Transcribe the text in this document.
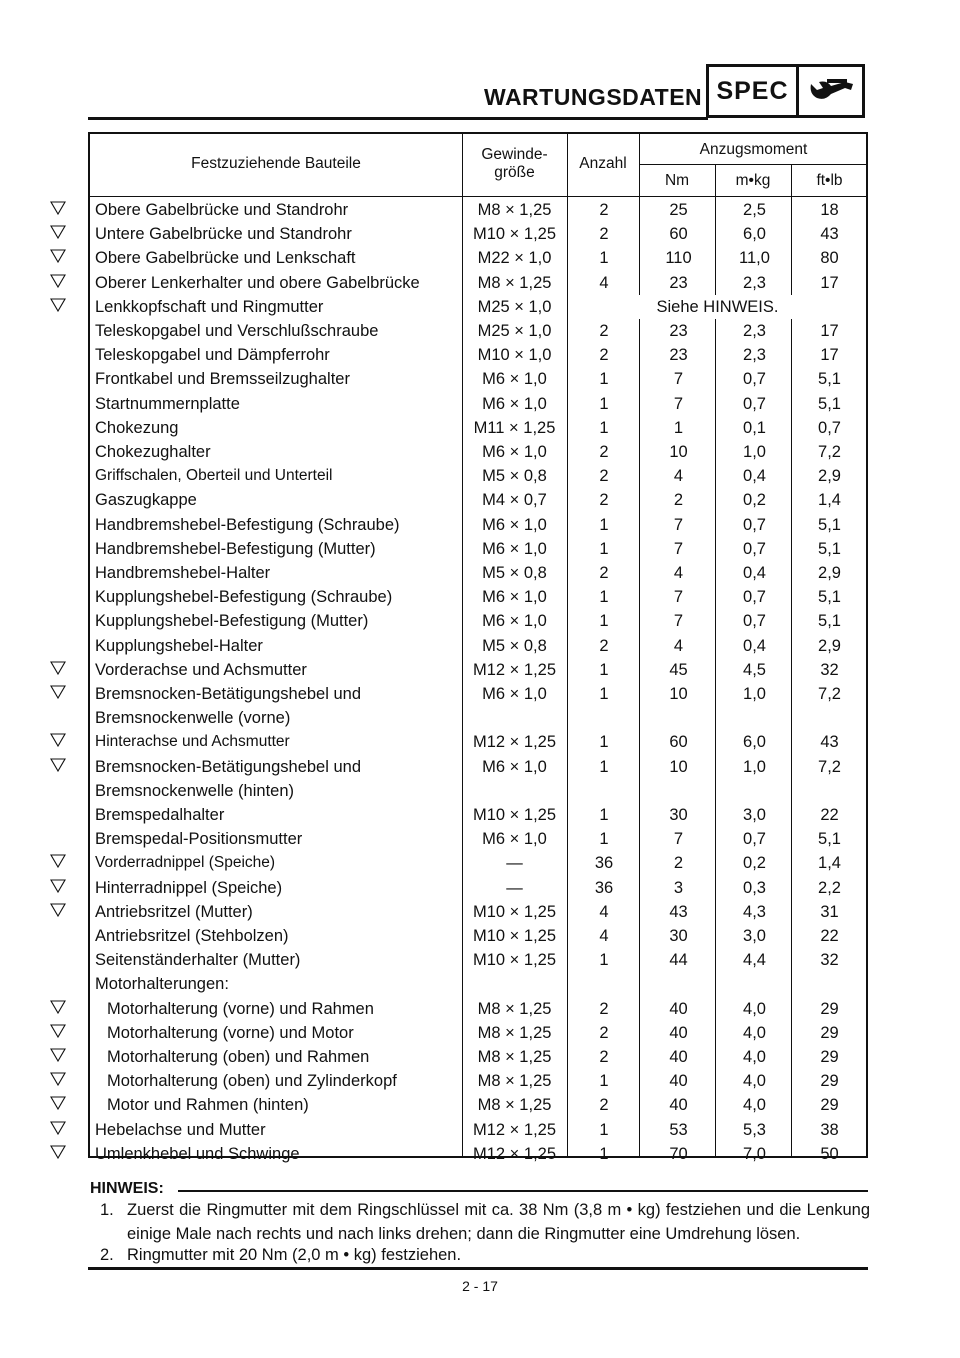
WARTUNGSDATEN SPEC
Festzuziehende Bauteile
Gewinde-
größe
Anzahl
Anzugsmoment
Nm	m•kg	ft•lb
Obere Gabelbrücke und Standrohr	M8 × 1,25	2	25	2,5	18
Untere Gabelbrücke und Standrohr	M10 × 1,25	2	60	6,0	43
Obere Gabelbrücke und Lenkschaft	M22 × 1,0	1	110	11,0	80
Oberer Lenkerhalter und obere Gabelbrücke	M8 × 1,25	4	23	2,3	17
Lenkkopfschaft und Ringmutter	M25 × 1,0	Siehe HINWEIS.
Teleskopgabel und Verschlußschraube	M25 × 1,0	2	23	2,3	17
Teleskopgabel und Dämpferrohr	M10 × 1,0	2	23	2,3	17
Frontkabel und Bremsseilzughalter	M6 × 1,0	1	7	0,7	5,1
Startnummernplatte	M6 × 1,0	1	7	0,7	5,1
Chokezung	M11 × 1,25	1	1	0,1	0,7
Chokezughalter	M6 × 1,0	2	10	1,0	7,2
Griffschalen, Oberteil und Unterteil	M5 × 0,8	2	4	0,4	2,9
Gaszugkappe	M4 × 0,7	2	2	0,2	1,4
Handbremshebel-Befestigung (Schraube)	M6 × 1,0	1	7	0,7	5,1
Handbremshebel-Befestigung (Mutter)	M6 × 1,0	1	7	0,7	5,1
Handbremshebel-Halter	M5 × 0,8	2	4	0,4	2,9
Kupplungshebel-Befestigung (Schraube)	M6 × 1,0	1	7	0,7	5,1
Kupplungshebel-Befestigung (Mutter)	M6 × 1,0	1	7	0,7	5,1
Kupplungshebel-Halter	M5 × 0,8	2	4	0,4	2,9
Vorderachse und Achsmutter	M12 × 1,25	1	45	4,5	32
Bremsnocken-Betätigungshebel und
Bremsnockenwelle (vorne)
M6 × 1,0	1	10	1,0	7,2
Hinterachse und Achsmutter	M12 × 1,25	1	60	6,0	43
Bremsnocken-Betätigungshebel und
Bremsnockenwelle (hinten)
M6 × 1,0	1	10	1,0	7,2
Bremspedalhalter	M10 × 1,25	1	30	3,0	22
Bremspedal-Positionsmutter	M6 × 1,0	1	7	0,7	5,1
Vorderradnippel (Speiche)	—	36	2	0,2	1,4
Hinterradnippel (Speiche)	—	36	3	0,3	2,2
Antriebsritzel (Mutter)	M10 × 1,25	4	43	4,3	31
Antriebsritzel (Stehbolzen)	M10 × 1,25	4	30	3,0	22
Seitenständerhalter (Mutter)	M10 × 1,25	1	44	4,4	32
Motorhalterungen:
Motorhalterung (vorne) und Rahmen	M8 × 1,25	2	40	4,0	29
Motorhalterung (vorne) und Motor	M8 × 1,25	2	40	4,0	29
Motorhalterung (oben) und Rahmen	M8 × 1,25	2	40	4,0	29
Motorhalterung (oben) und Zylinderkopf	M8 × 1,25	1	40	4,0	29
Motor und Rahmen (hinten)	M8 × 1,25	2	40	4,0	29
Hebelachse und Mutter	M12 × 1,25	1	53	5,3	38
Umlenkhebel und Schwinge	M12 × 1,25	1	70	7,0	50
HINWEIS:
1. Zuerst die Ringmutter mit dem Ringschlüssel mit ca. 38 Nm (3,8 m • kg) festziehen und die Lenkung einige Male nach rechts und nach links drehen; dann die Ringmutter eine Umdrehung lösen.
2. Ringmutter mit 20 Nm (2,0 m • kg) festziehen.
2 - 17
